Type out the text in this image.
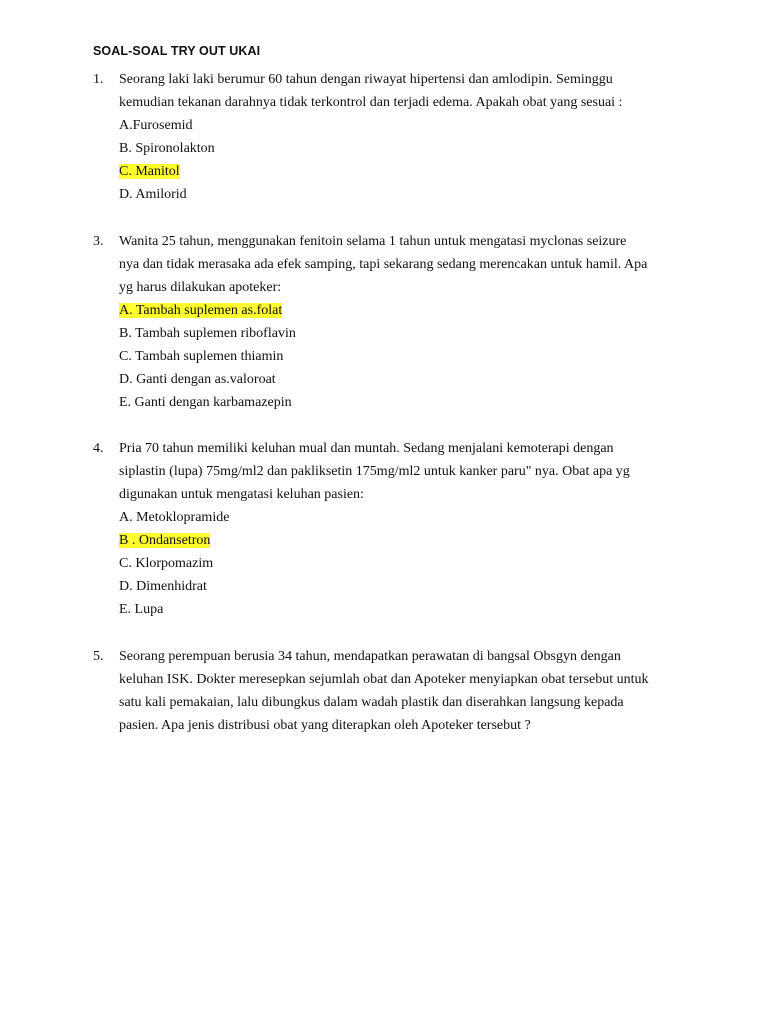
SOAL-SOAL TRY OUT UKAI
1. Seorang laki laki berumur 60 tahun dengan riwayat hipertensi dan amlodipin. Seminggu
kemudian tekanan darahnya tidak terkontrol dan terjadi edema. Apakah obat yang sesuai :
A.Furosemid
B. Spironolakton
C. Manitol
D. Amilorid
3. Wanita 25 tahun, menggunakan fenitoin selama 1 tahun untuk mengatasi myclonas seizure
nya dan tidak merasaka ada efek samping, tapi sekarang sedang merencakan untuk hamil. Apa
yg harus dilakukan apoteker:
A. Tambah suplemen as.folat
B. Tambah suplemen riboflavin
C. Tambah suplemen thiamin
D. Ganti dengan as.valoroat
E. Ganti dengan karbamazepin
4. Pria 70 tahun memiliki keluhan mual dan muntah. Sedang menjalani kemoterapi dengan
siplastin (lupa) 75mg/ml2 dan pakliksetin 175mg/ml2 untuk kanker paru" nya. Obat apa yg
digunakan untuk mengatasi keluhan pasien:
A. Metoklopramide
B . Ondansetron
C. Klorpomazim
D. Dimenhidrat
E. Lupa
5. Seorang perempuan berusia 34 tahun, mendapatkan perawatan di bangsal Obsgyn dengan
keluhan ISK. Dokter meresepkan sejumlah obat dan Apoteker menyiapkan obat tersebut untuk
satu kali pemakaian, lalu dibungkus dalam wadah plastik dan diserahkan langsung kepada
pasien. Apa jenis distribusi obat yang diterapkan oleh Apoteker tersebut ?
